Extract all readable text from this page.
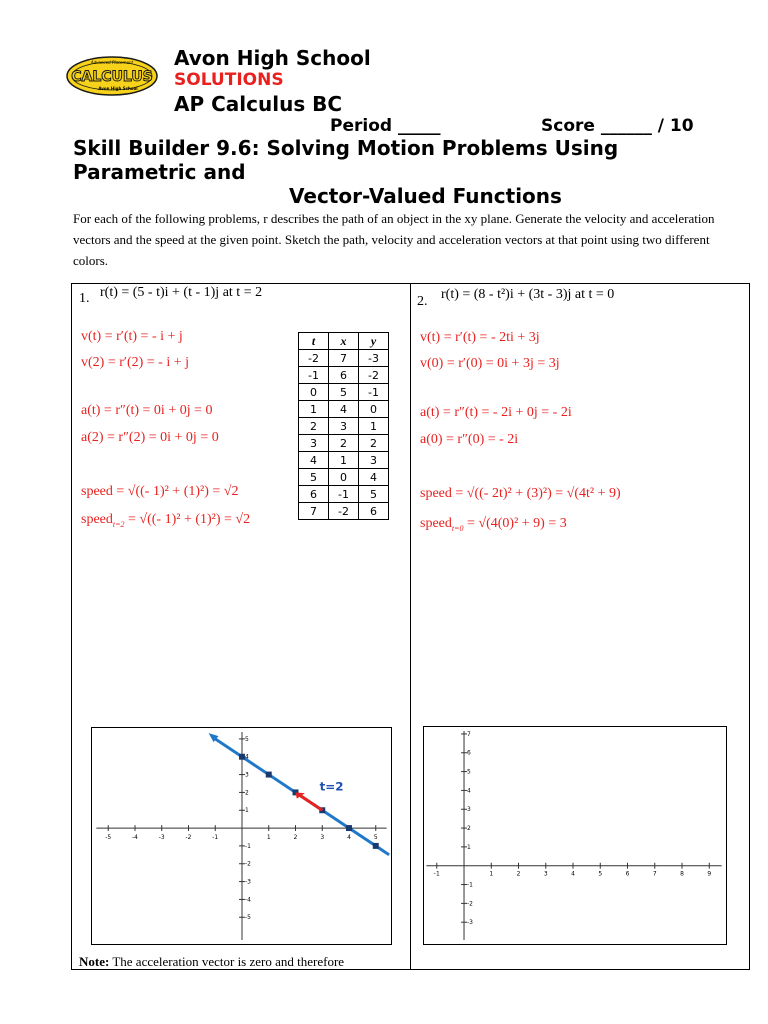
Advanced Placement
CALCULUS
Avon High School
Avon High School
SOLUTIONS
AP Calculus BC
Period _____	Score ______ / 10
Skill Builder 9.6: Solving Motion Problems Using
Parametric and
Vector-Valued Functions
For each of the following problems, r describes the path of an object in the xy plane. Generate the velocity and acceleration vectors and the speed at the given point. Sketch the path, velocity and acceleration vectors at that point using two different colors.
1. r(t) = (5 - t)i + (t - 1)j at t = 2
v(t) = r′(t) = - i + j
v(2) = r′(2) = - i + j
a(t) = r″(t) = 0i + 0j = 0
a(2) = r″(2) = 0i + 0j = 0
speed = √((- 1)² + (1)²) = √2
speed$_{t=2}$ = √((- 1)² + (1)²) = √2
t	x	y
-2	7	-3
-1	6	-2
0	5	-1
1	4	0
2	3	1
3	2	2
4	1	3
5	0	4
6	-1	5
7	-2	6
-5	-4	-3	-2	-1	1	2	3	4	5
5
4
3
2
1
-1
-2
-3
-4
-5
t=2
2. r(t) = (8 - t²)i + (3t - 3)j at t = 0
v(t) = r′(t) = - 2ti + 3j
v(0) = r′(0) = 0i + 3j = 3j
a(t) = r″(t) = - 2i + 0j = - 2i
a(0) = r″(0) = - 2i
speed = √((- 2t)² + (3)²) = √(4t² + 9)
speed$_{t=0}$ = √(4(0)² + 9) = 3
-1	1	2	3	4	5	6	7	8	9
7
6
5
4
3
2
1
-1
-2
-3
Note: The acceleration vector is zero and therefore
